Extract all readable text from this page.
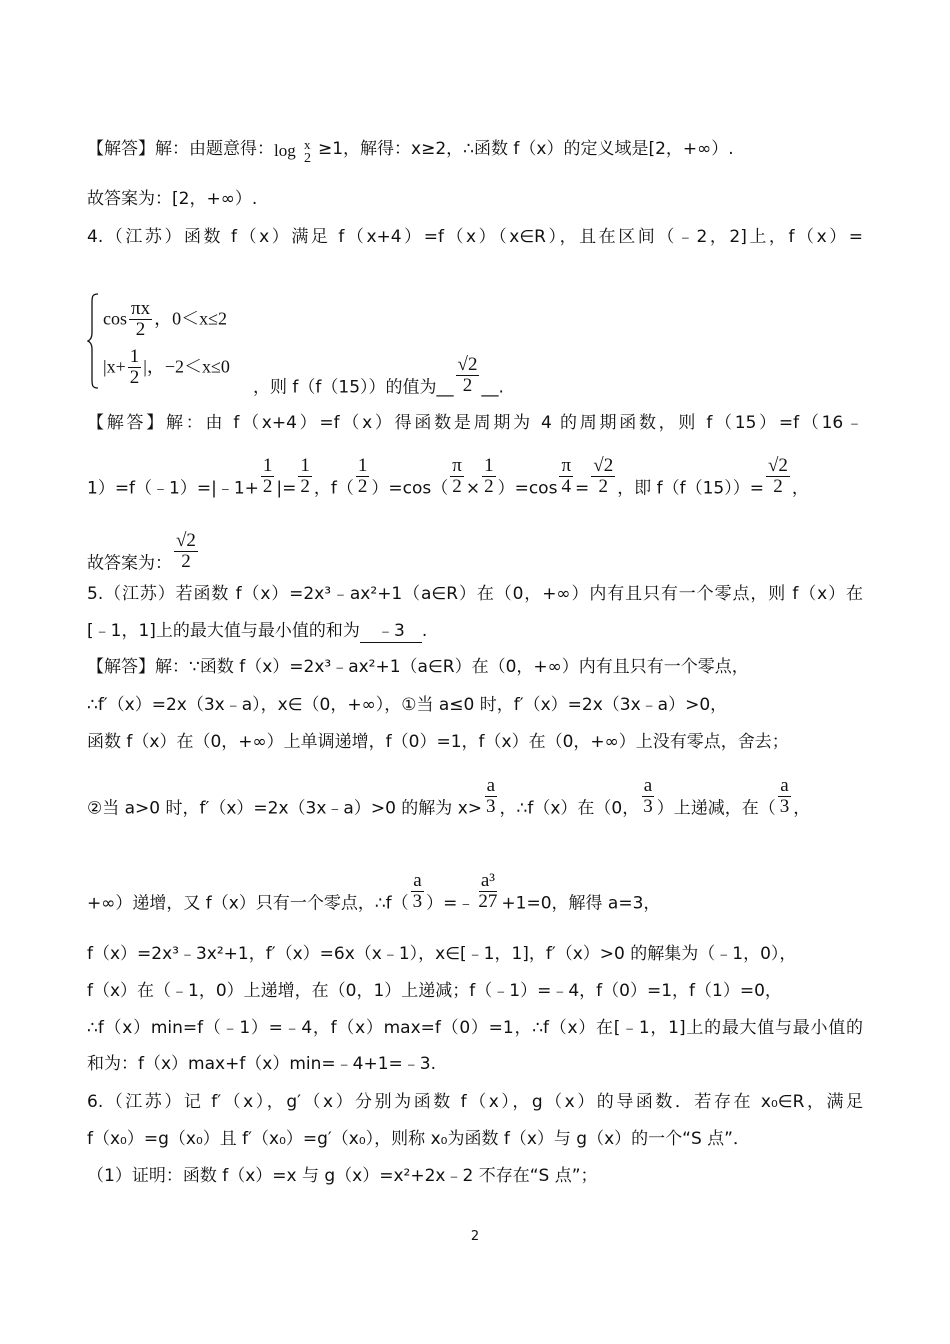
【解答】解：由题意得： log x
2 ≥1，解得：x≥2，∴函数 f（x）的定义域是[2，+∞）.
故答案为：[2，+∞）.
4.（江苏）函数 f（x）满足 f（x+4）=f（x）（x∈R），且在区间（﹣2，2]上，f（x）=
$\cos \frac{\pi x}{2}$ ，0＜x≤2
$|x+ \frac{1}{2}$ |，−2＜x≤0
，则 f（f（15））的值为__ $\frac{√2}{2}$ __.
【解答】解：由 f（x+4）=f（x）得函数是周期为 4 的周期函数，则 f（15）=f（16﹣
1）=f（﹣1）=|﹣1+ $\frac{1}{2}$ |= $\frac{1}{2}$ ，$f( \frac{1}{2} )=\cos( \frac{\pi}{2} \times \frac{1}{2} )=\cos \frac{\pi}{4} = \frac{√2}{2}$ ，即 $f(f(15))= \frac{√2}{2}$ ，
故答案为： $\frac{√2}{2}$
5.（江苏）若函数 f（x）=2x³﹣ax²+1（a∈R）在（0，+∞）内有且只有一个零点，则 f（x）在
[﹣1，1]上的最大值与最小值的和为 ﹣3 .
【解答】解：∵函数 f（x）=2x³﹣ax²+1（a∈R）在（0，+∞）内有且只有一个零点，
∴f′（x）=2x（3x﹣a），x∈（0，+∞），①当 a≤0 时，f′（x）=2x（3x﹣a）>0，
函数 f（x）在（0，+∞）上单调递增，f（0）=1，f（x）在（0，+∞）上没有零点，舍去；
②当 a>0 时，f′（x）=2x（3x﹣a）>0 的解为 $x> \frac{a}{3}$ ，∴f（x）在（0， $\frac{a}{3}$ ）上递减，在（ $\frac{a}{3}$ ，
+∞）递增，又 f（x）只有一个零点，∴f（ $\frac{a}{3}$ ）=﹣ $\frac{\text{a³}}{27} +1=0$，解得 a=3，
f（x）=2x³﹣3x²+1，f′（x）=6x（x﹣1），x∈[﹣1，1]，f′（x）>0 的解集为（﹣1，0），
f（x）在（﹣1，0）上递增，在（0，1）上递减；f（﹣1）=﹣4，f（0）=1，f（1）=0，
∴f（x）min=f（﹣1）=﹣4，f（x）max=f（0）=1，∴f（x）在[﹣1，1]上的最大值与最小值的
和为：f（x）max+f（x）min=﹣4+1=﹣3.
6.（江苏）记 f′（x），g′（x）分别为函数 f（x），g（x）的导函数．若存在 x₀∈R，满足
f（x₀）=g（x₀）且 f′（x₀）=g′（x₀），则称 x₀为函数 f（x）与 g（x）的一个“S 点”．
（1）证明：函数 f（x）=x 与 g（x）=x²+2x﹣2 不存在“S 点”；
2
